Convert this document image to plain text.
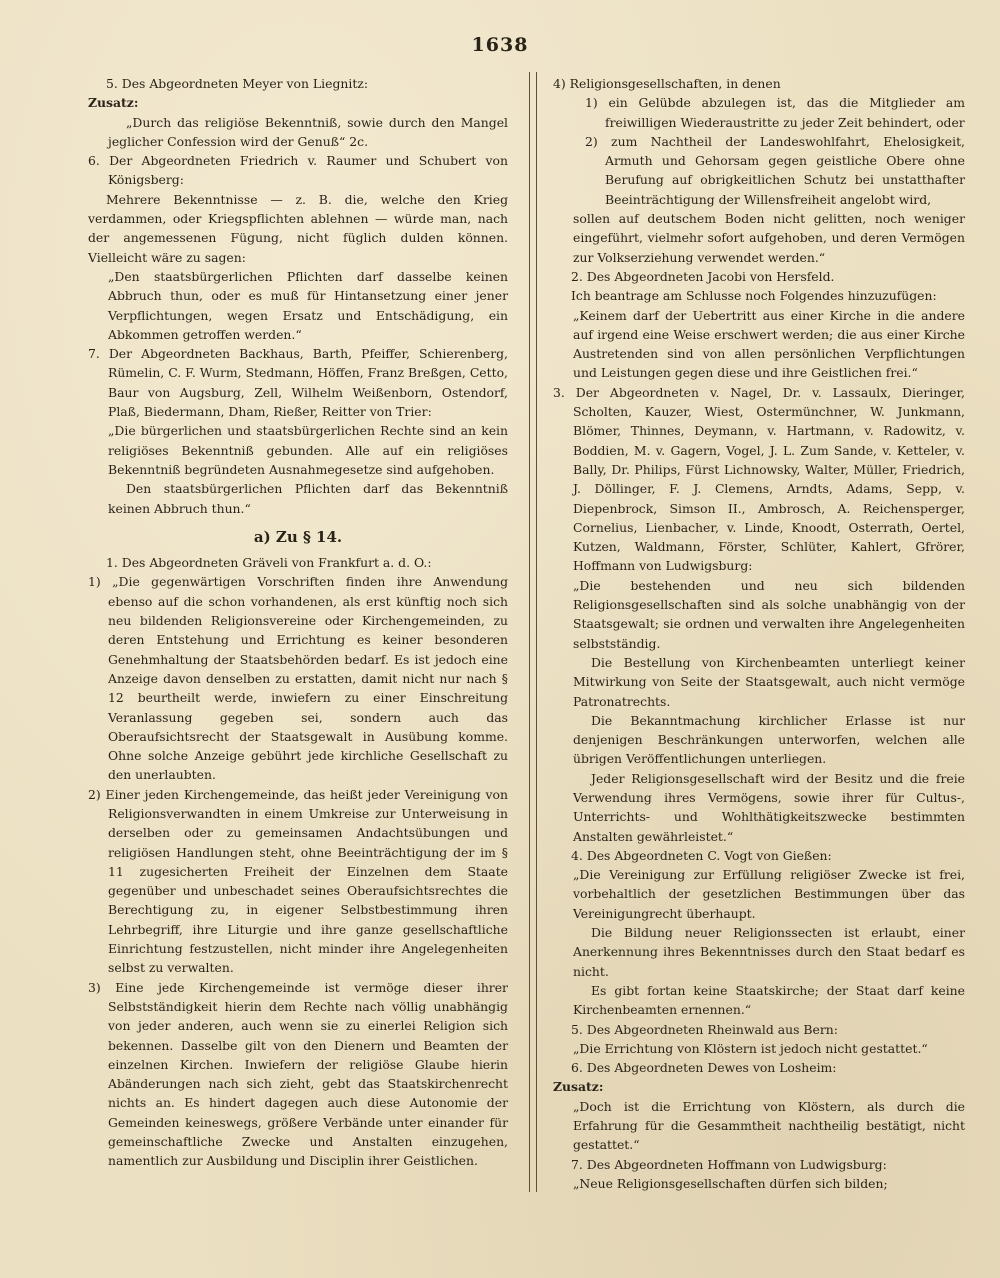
1638

5. Des Abgeordneten Meyer von Liegnitz:

Zusatz:

„Durch das religiöse Bekenntniß, sowie durch den Mangel jeglicher Confession wird der Genuß“ 2c.

6. Der Abgeordneten Friedrich v. Raumer und Schubert von Königsberg:

Mehrere Bekenntnisse — z. B. die, welche den Krieg verdammen, oder Kriegspflichten ablehnen — würde man, nach der angemessenen Fügung, nicht füglich dulden können. Vielleicht wäre zu sagen:

„Den staatsbürgerlichen Pflichten darf dasselbe keinen Abbruch thun, oder es muß für Hintansetzung einer jener Verpflichtungen, wegen Ersatz und Entschädigung, ein Abkommen getroffen werden.“

7. Der Abgeordneten Backhaus, Barth, Pfeiffer, Schierenberg, Rümelin, C. F. Wurm, Stedmann, Höffen, Franz Breßgen, Cetto, Baur von Augsburg, Zell, Wilhelm Weißenborn, Ostendorf, Plaß, Biedermann, Dham, Rießer, Reitter von Trier:

„Die bürgerlichen und staatsbürgerlichen Rechte sind an kein religiöses Bekenntniß gebunden. Alle auf ein religiöses Bekenntniß begründeten Ausnahmegesetze sind aufgehoben.

Den staatsbürgerlichen Pflichten darf das Bekenntniß keinen Abbruch thun.“

a) Zu § 14.

1. Des Abgeordneten Gräveli von Frankfurt a. d. O.:

1) „Die gegenwärtigen Vorschriften finden ihre Anwendung ebenso auf die schon vorhandenen, als erst künftig noch sich neu bildenden Religionsvereine oder Kirchengemeinden, zu deren Entstehung und Errichtung es keiner besonderen Genehmhaltung der Staatsbehörden bedarf. Es ist jedoch eine Anzeige davon denselben zu erstatten, damit nicht nur nach § 12 beurtheilt werde, inwiefern zu einer Einschreitung Veranlassung gegeben sei, sondern auch das Oberaufsichtsrecht der Staatsgewalt in Ausübung komme. Ohne solche Anzeige gebührt jede kirchliche Gesellschaft zu den unerlaubten.

2) Einer jeden Kirchengemeinde, das heißt jeder Vereinigung von Religionsverwandten in einem Umkreise zur Unterweisung in derselben oder zu gemeinsamen Andachtsübungen und religiösen Handlungen steht, ohne Beeinträchtigung der im § 11 zugesicherten Freiheit der Einzelnen dem Staate gegenüber und unbeschadet seines Oberaufsichtsrechtes die Berechtigung zu, in eigener Selbstbestimmung ihren Lehrbegriff, ihre Liturgie und ihre ganze gesellschaftliche Einrichtung festzustellen, nicht minder ihre Angelegenheiten selbst zu verwalten.

3) Eine jede Kirchengemeinde ist vermöge dieser ihrer Selbstständigkeit hierin dem Rechte nach völlig unabhängig von jeder anderen, auch wenn sie zu einerlei Religion sich bekennen. Dasselbe gilt von den Dienern und Beamten der einzelnen Kirchen. Inwiefern der religiöse Glaube hierin Abänderungen nach sich zieht, gebt das Staatskirchenrecht nichts an. Es hindert dagegen auch diese Autonomie der Gemeinden keineswegs, größere Verbände unter einander für gemeinschaftliche Zwecke und Anstalten einzugehen, namentlich zur Ausbildung und Disciplin ihrer Geistlichen.

4) Religionsgesellschaften, in denen

1) ein Gelübde abzulegen ist, das die Mitglieder am freiwilligen Wiederaustritte zu jeder Zeit behindert, oder

2) zum Nachtheil der Landeswohlfahrt, Ehelosigkeit, Armuth und Gehorsam gegen geistliche Obere ohne Berufung auf obrigkeitlichen Schutz bei unstatthafter Beeinträchtigung der Willensfreiheit angelobt wird,

sollen auf deutschem Boden nicht gelitten, noch weniger eingeführt, vielmehr sofort aufgehoben, und deren Vermögen zur Volkserziehung verwendet werden.“

2. Des Abgeordneten Jacobi von Hersfeld.

Ich beantrage am Schlusse noch Folgendes hinzuzufügen:

„Keinem darf der Uebertritt aus einer Kirche in die andere auf irgend eine Weise erschwert werden; die aus einer Kirche Austretenden sind von allen persönlichen Verpflichtungen und Leistungen gegen diese und ihre Geistlichen frei.“

3. Der Abgeordneten v. Nagel, Dr. v. Lassaulx, Dieringer, Scholten, Kauzer, Wiest, Ostermünchner, W. Junkmann, Blömer, Thinnes, Deymann, v. Hartmann, v. Radowitz, v. Boddien, M. v. Gagern, Vogel, J. L. Zum Sande, v. Ketteler, v. Bally, Dr. Philips, Fürst Lichnowsky, Walter, Müller, Friedrich, J. Döllinger, F. J. Clemens, Arndts, Adams, Sepp, v. Diepenbrock, Simson II., Ambrosch, A. Reichensperger, Cornelius, Lienbacher, v. Linde, Knoodt, Osterrath, Oertel, Kutzen, Waldmann, Förster, Schlüter, Kahlert, Gfrörer, Hoffmann von Ludwigsburg:

„Die bestehenden und neu sich bildenden Religionsgesellschaften sind als solche unabhängig von der Staatsgewalt; sie ordnen und verwalten ihre Angelegenheiten selbstständig.

Die Bestellung von Kirchenbeamten unterliegt keiner Mitwirkung von Seite der Staatsgewalt, auch nicht vermöge Patronatrechts.

Die Bekanntmachung kirchlicher Erlasse ist nur denjenigen Beschränkungen unterworfen, welchen alle übrigen Veröffentlichungen unterliegen.

Jeder Religionsgesellschaft wird der Besitz und die freie Verwendung ihres Vermögens, sowie ihrer für Cultus-, Unterrichts- und Wohlthätigkeitszwecke bestimmten Anstalten gewährleistet.“

4. Des Abgeordneten C. Vogt von Gießen:

„Die Vereinigung zur Erfüllung religiöser Zwecke ist frei, vorbehaltlich der gesetzlichen Bestimmungen über das Vereinigungrecht überhaupt.

Die Bildung neuer Religionssecten ist erlaubt, einer Anerkennung ihres Bekenntnisses durch den Staat bedarf es nicht.

Es gibt fortan keine Staatskirche; der Staat darf keine Kirchenbeamten ernennen.“

5. Des Abgeordneten Rheinwald aus Bern:

„Die Errichtung von Klöstern ist jedoch nicht gestattet.“

6. Des Abgeordneten Dewes von Losheim:

Zusatz:

„Doch ist die Errichtung von Klöstern, als durch die Erfahrung für die Gesammtheit nachtheilig bestätigt, nicht gestattet.“

7. Des Abgeordneten Hoffmann von Ludwigsburg:

„Neue Religionsgesellschaften dürfen sich bilden;
